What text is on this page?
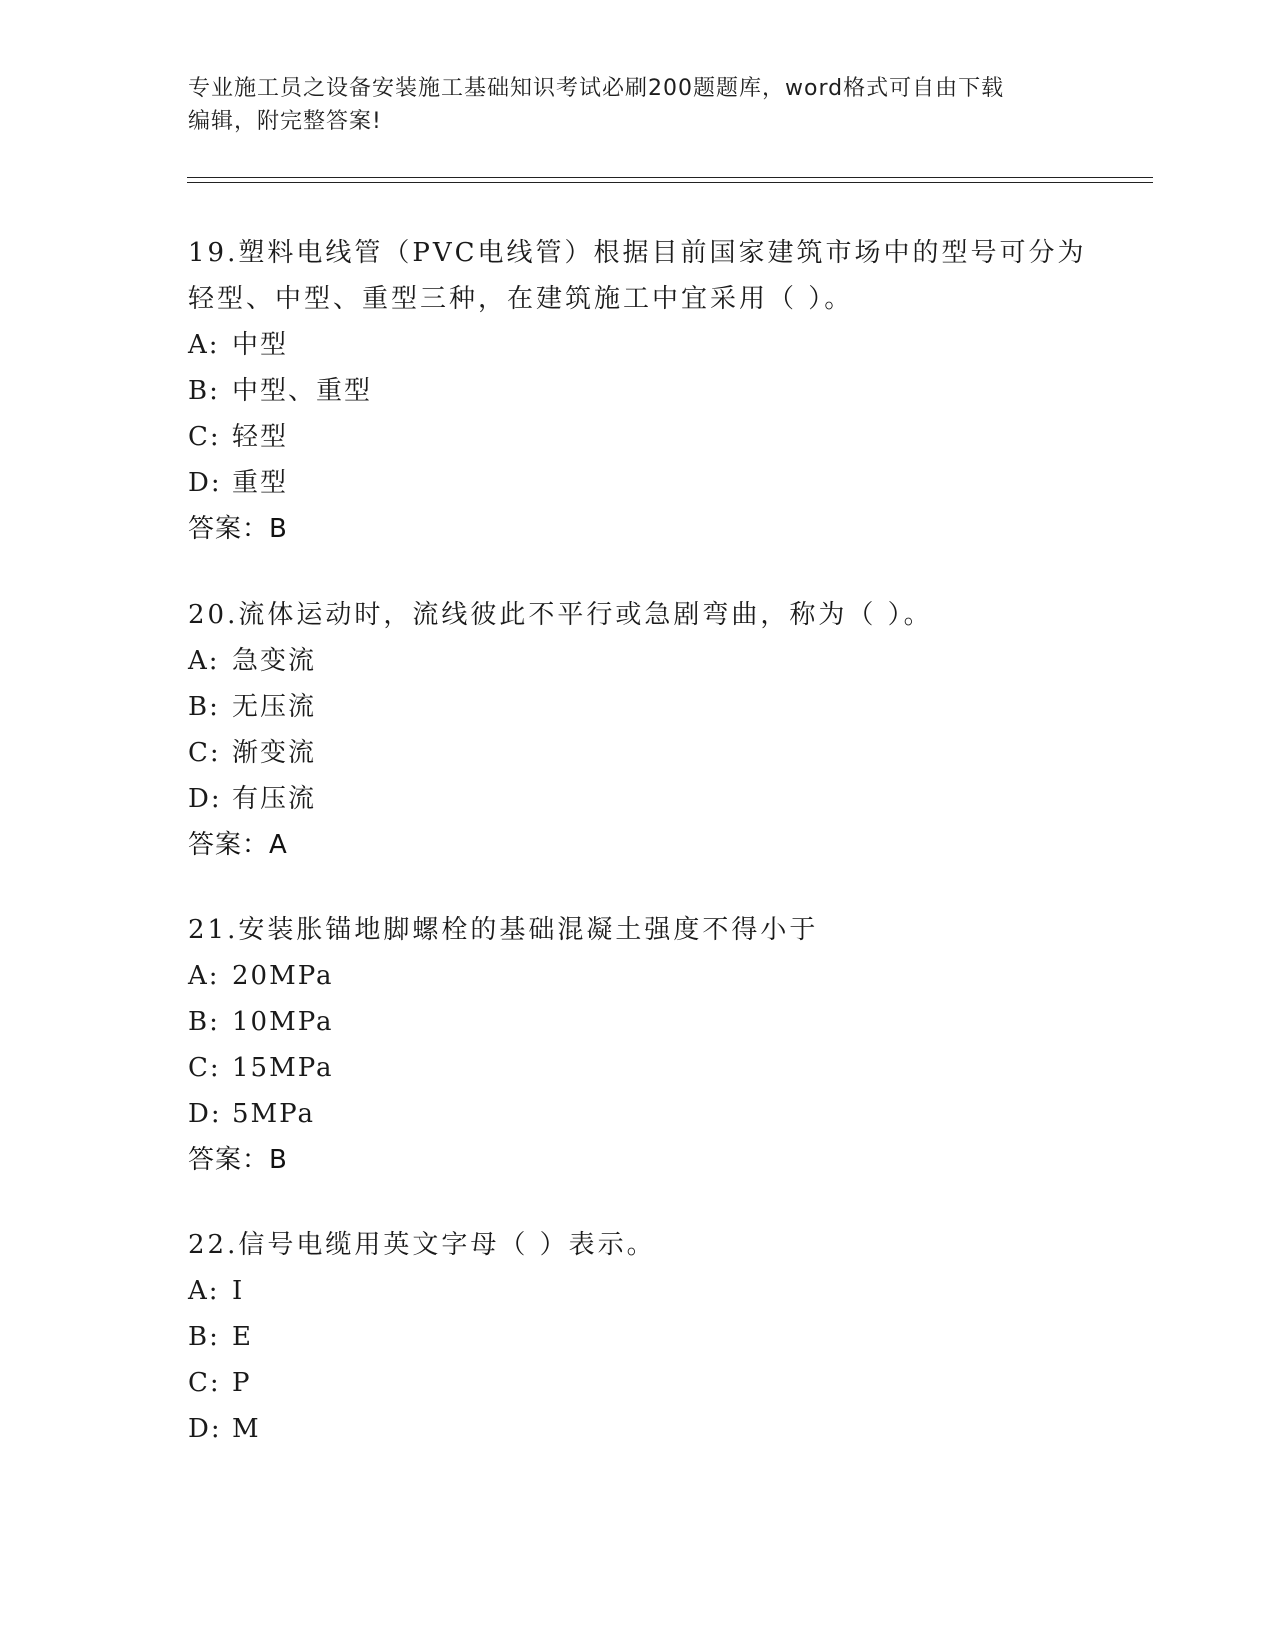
专业施工员之设备安装施工基础知识考试必刷200题题库，word格式可自由下载
编辑，附完整答案!

19.塑料电线管（PVC电线管）根据目前国家建筑市场中的型号可分为

轻型、中型、重型三种，在建筑施工中宜采用（ ）。

A: 中型

B: 中型、重型

C: 轻型

D: 重型

答案：B

20.流体运动时，流线彼此不平行或急剧弯曲，称为（ ）。

A: 急变流

B: 无压流

C: 渐变流

D: 有压流

答案：A

21.安装胀锚地脚螺栓的基础混凝土强度不得小于

A: 20MPa

B: 10MPa

C: 15MPa

D: 5MPa

答案：B

22.信号电缆用英文字母（ ）表示。

A: I

B: E

C: P

D: M
